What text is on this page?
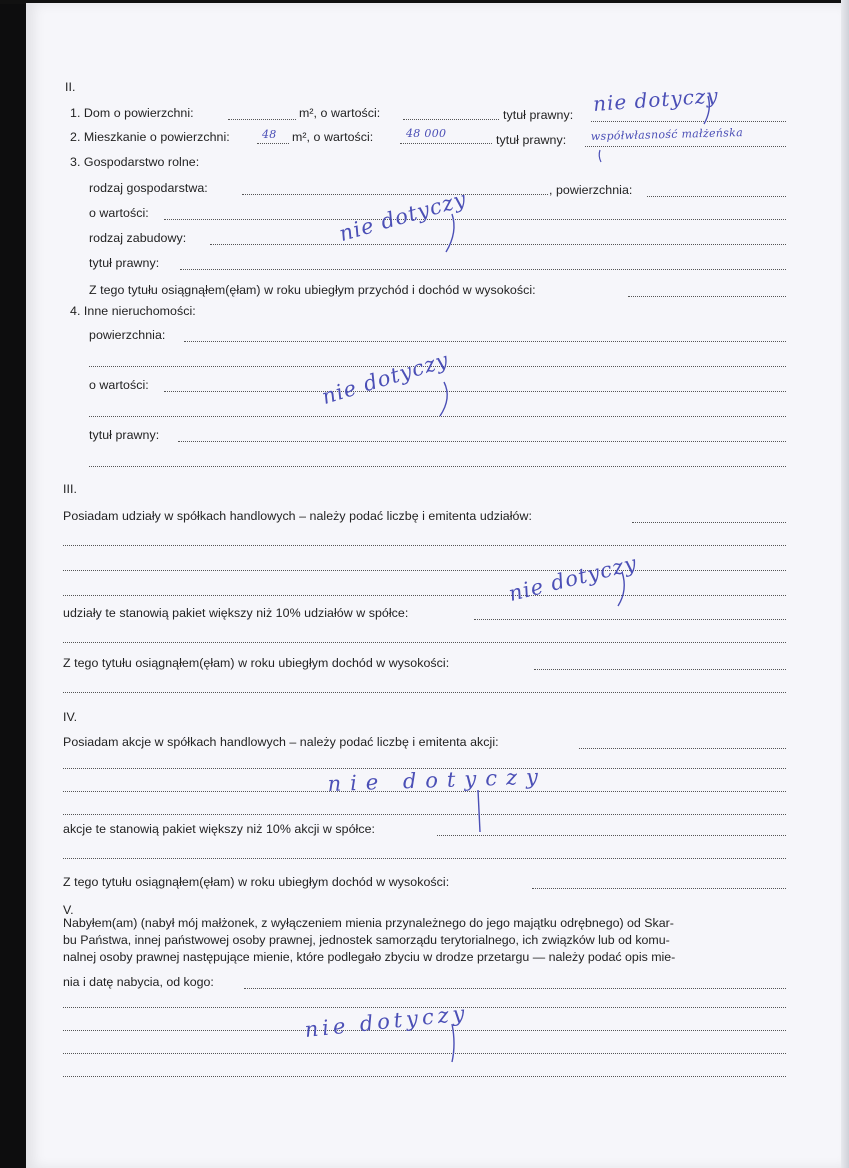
II.
1. Dom o powierzchni:	m², o wartości:	tytuł prawny: nie dotyczy
2. Mieszkanie o powierzchni:	48 m², o wartości:	48 000	tytuł prawny: współwłasność małżeńska
3. Gospodarstwo rolne:
rodzaj gospodarstwa:	, powierzchnia:
o wartości:
rodzaj zabudowy:
tytuł prawny:
nie dotyczy
Z tego tytułu osiągnąłem(ęłam) w roku ubiegłym przychód i dochód w wysokości:
4. Inne nieruchomości:
powierzchnia:
o wartości:
tytuł prawny:
nie dotyczy
III.
Posiadam udziały w spółkach handlowych – należy podać liczbę i emitenta udziałów:
udziały te stanowią pakiet większy niż 10% udziałów w spółce:
nie dotyczy
Z tego tytułu osiągnąłem(ęłam) w roku ubiegłym dochód w wysokości:
IV.
Posiadam akcje w spółkach handlowych – należy podać liczbę i emitenta akcji:
nie dotyczy
akcje te stanowią pakiet większy niż 10% akcji w spółce:
Z tego tytułu osiągnąłem(ęłam) w roku ubiegłym dochód w wysokości:
V.
Nabyłem(am) (nabył mój małżonek, z wyłączeniem mienia przynależnego do jego majątku odrębnego) od Skar-
bu Państwa, innej państwowej osoby prawnej, jednostek samorządu terytorialnego, ich związków lub od komu-
nalnej osoby prawnej następujące mienie, które podlegało zbyciu w drodze przetargu — należy podać opis mie-
nia i datę nabycia, od kogo:
nie dotyczy
